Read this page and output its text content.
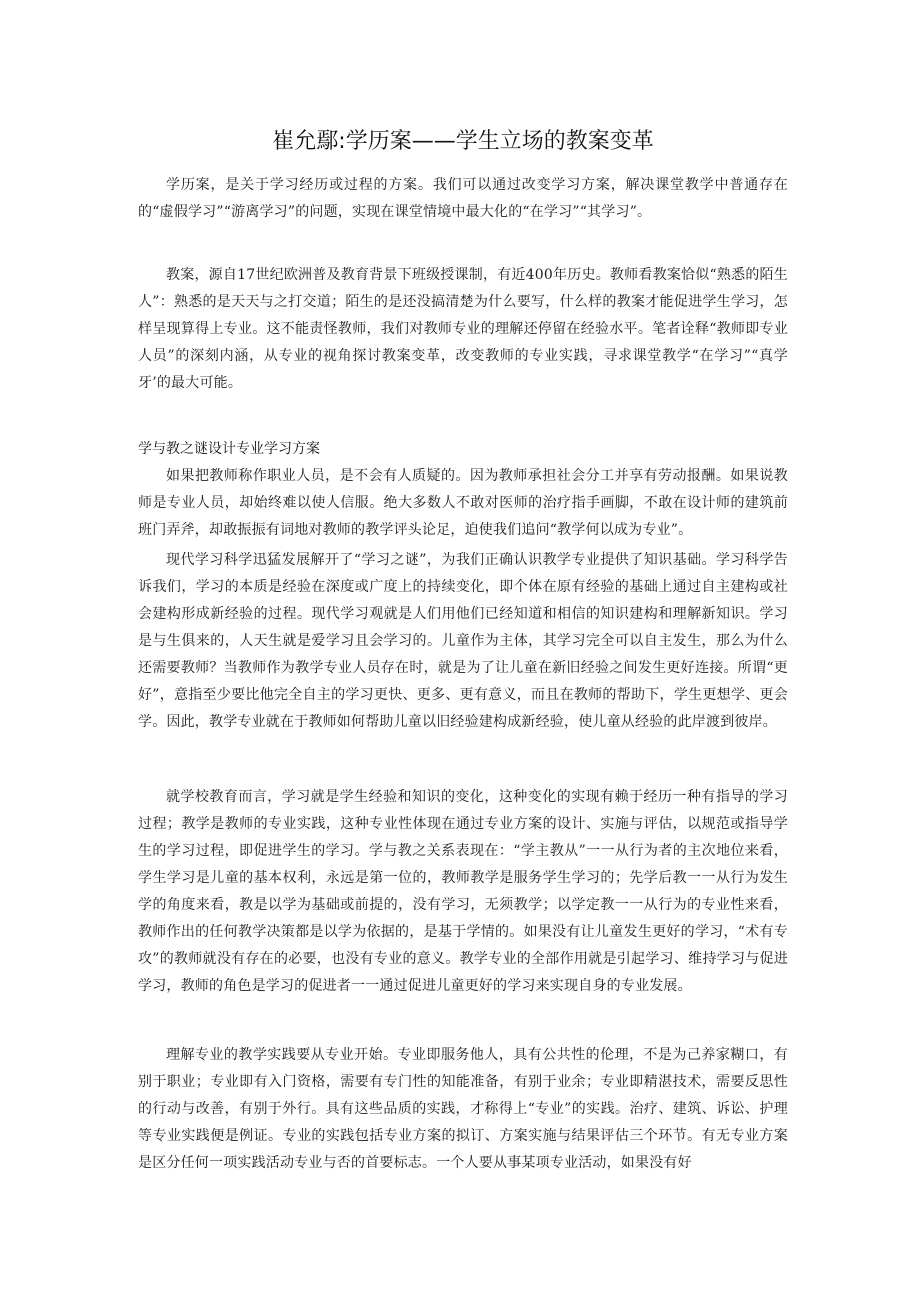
崔允鄢:学历案——学生立场的教案变革

学历案，是关于学习经历或过程的方案。我们可以通过改变学习方案，解决课堂教学中普通存在的“虚假学习”“游离学习”的问题，实现在课堂情境中最大化的“在学习”“其学习”。

教案，源自17世纪欧洲普及教育背景下班级授课制，有近400年历史。教师看教案恰似“熟悉的陌生人”：熟悉的是天天与之打交道；陌生的是还没搞清楚为什么要写，什么样的教案才能促进学生学习，怎样呈现算得上专业。这不能责怪教师，我们对教师专业的理解还停留在经验水平。笔者诠释“教师即专业人员”的深刻内涵，从专业的视角探讨教案变革，改变教师的专业实践，寻求课堂教学“在学习”“真学牙’的最大可能。

学与教之谜设计专业学习方案

如果把教师称作职业人员，是不会有人质疑的。因为教师承担社会分工并享有劳动报酬。如果说教师是专业人员，却始终难以使人信服。绝大多数人不敢对医师的治疗指手画脚，不敢在设计师的建筑前班门弄斧，却敢振振有词地对教师的教学评头论足，迫使我们追问“教学何以成为专业”。

现代学习科学迅猛发展解开了“学习之谜”，为我们正确认识教学专业提供了知识基础。学习科学告诉我们，学习的本质是经验在深度或广度上的持续变化，即个体在原有经验的基础上通过自主建构或社会建构形成新经验的过程。现代学习观就是人们用他们已经知道和相信的知识建构和理解新知识。学习是与生俱来的，人天生就是爱学习且会学习的。儿童作为主体，其学习完全可以自主发生，那么为什么还需要教师？当教师作为教学专业人员存在时，就是为了让儿童在新旧经验之间发生更好连接。所谓“更好”，意指至少要比他完全自主的学习更快、更多、更有意义，而且在教师的帮助下，学生更想学、更会学。因此，教学专业就在于教师如何帮助儿童以旧经验建构成新经验，使儿童从经验的此岸渡到彼岸。

就学校教育而言，学习就是学生经验和知识的变化，这种变化的实现有赖于经历一种有指导的学习过程；教学是教师的专业实践，这种专业性体现在通过专业方案的设计、实施与评估，以规范或指导学生的学习过程，即促进学生的学习。学与教之关系表现在：“学主教从”一一从行为者的主次地位来看，学生学习是儿童的基本权利，永远是第一位的，教师教学是服务学生学习的；先学后教一一从行为发生学的角度来看，教是以学为基础或前提的，没有学习，无须教学；以学定教一一从行为的专业性来看，教师作出的任何教学决策都是以学为依据的，是基于学情的。如果没有让儿童发生更好的学习，“术有专攻”的教师就没有存在的必要，也没有专业的意义。教学专业的全部作用就是引起学习、维持学习与促进学习，教师的角色是学习的促进者一一通过促进儿童更好的学习来实现自身的专业发展。

理解专业的教学实践要从专业开始。专业即服务他人，具有公共性的伦理，不是为己养家糊口，有别于职业；专业即有入门资格，需要有专门性的知能准备，有别于业余；专业即精湛技术，需要反思性的行动与改善，有别于外行。具有这些品质的实践，才称得上“专业”的实践。治疗、建筑、诉讼、护理等专业实践便是例证。专业的实践包括专业方案的拟订、方案实施与结果评估三个环节。有无专业方案是区分任何一项实践活动专业与否的首要标志。一个人要从事某项专业活动，如果没有好
